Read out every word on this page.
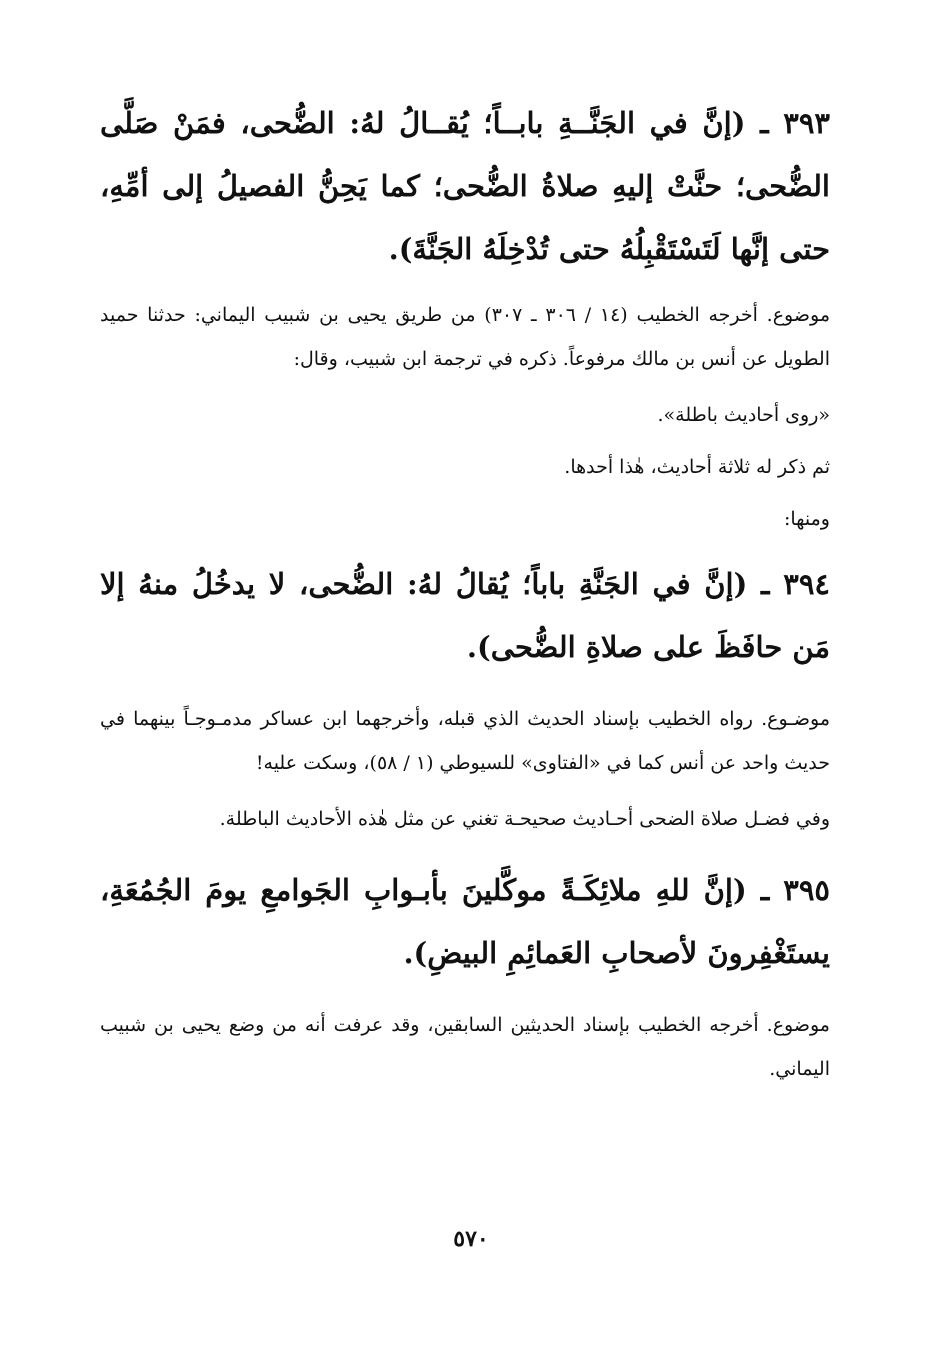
٣٩٣ ـ (إنَّ في الجَنَّــةِ بابــاً؛ يُقــالُ لهُ: الضُّحى، فمَنْ صَلَّى الضُّحى؛ حنَّتْ إليهِ صلاةُ الضُّحى؛ كما يَحِنُّ الفصيلُ إلى أمِّهِ، حتى إنَّها لَتَسْتَقْبِلُهُ حتى تُدْخِلَهُ الجَنَّةَ).

موضوع. أخرجه الخطيب (١٤ / ٣٠٦ ـ ٣٠٧) من طريق يحيى بن شبيب اليماني: حدثنا حميد الطويل عن أنس بن مالك مرفوعاً. ذكره في ترجمة ابن شبيب، وقال:

«روى أحاديث باطلة».

ثم ذكر له ثلاثة أحاديث، هٰذا أحدها.

ومنها:

٣٩٤ ـ (إنَّ في الجَنَّةِ باباً؛ يُقالُ لهُ: الضُّحى، لا يدخُلُ منهُ إلا مَن حافَظَ على صلاةِ الضُّحى).

موضـوع. رواه الخطيب بإسناد الحديث الذي قبله، وأخرجهما ابن عساكر مدمـوجـاً بينهما في حديث واحد عن أنس كما في «الفتاوى» للسيوطي (١ / ٥٨)، وسكت عليه!

وفي فضـل صلاة الضحى أحـاديث صحيحـة تغني عن مثل هٰذه الأحاديث الباطلة.

٣٩٥ ـ (إنَّ للهِ ملائِكَـةً موكَّلينَ بأبـوابِ الجَوامعِ يومَ الجُمُعَةِ، يستَغْفِرونَ لأصحابِ العَمائِمِ البيضِ).

موضوع. أخرجه الخطيب بإسناد الحديثين السابقين، وقد عرفت أنه من وضع يحيى بن شبيب اليماني.

٥٧٠
